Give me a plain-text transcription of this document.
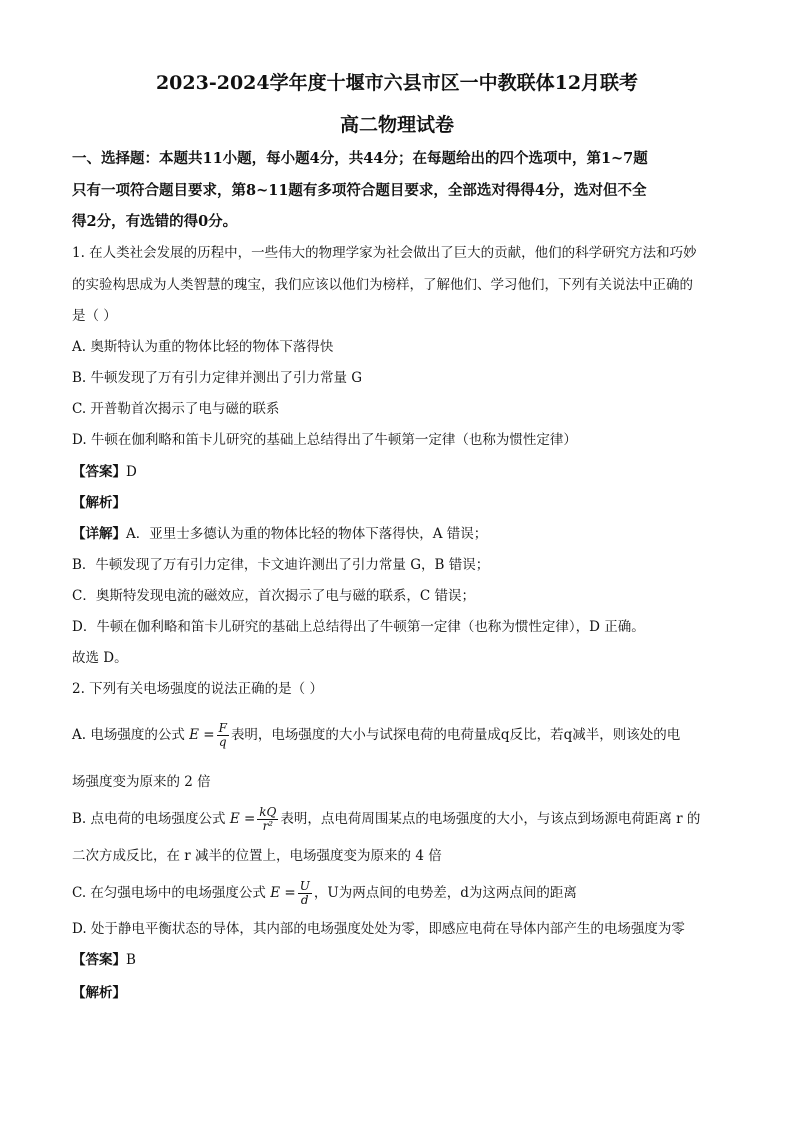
2023-2024学年度十堰市六县市区一中教联体12月联考
高二物理试卷
一、选择题：本题共11小题，每小题4分，共44分；在每题给出的四个选项中，第1~7题
只有一项符合题目要求，第8~11题有多项符合题目要求，全部选对得得4分，选对但不全
得2分，有选错的得0分。
1. 在人类社会发展的历程中，一些伟大的物理学家为社会做出了巨大的贡献，他们的科学研究方法和巧妙
的实验构思成为人类智慧的瑰宝，我们应该以他们为榜样，了解他们、学习他们，下列有关说法中正确的
是（ ）
A. 奥斯特认为重的物体比轻的物体下落得快
B. 牛顿发现了万有引力定律并测出了引力常量 G
C. 开普勒首次揭示了电与磁的联系
D. 牛顿在伽利略和笛卡儿研究的基础上总结得出了牛顿第一定律（也称为惯性定律）
【答案】D
【解析】
【详解】A．亚里士多德认为重的物体比轻的物体下落得快，A 错误；
B．牛顿发现了万有引力定律，卡文迪许测出了引力常量 G，B 错误；
C．奥斯特发现电流的磁效应，首次揭示了电与磁的联系，C 错误；
D．牛顿在伽利略和笛卡儿研究的基础上总结得出了牛顿第一定律（也称为惯性定律），D 正确。
故选 D。
2. 下列有关电场强度的说法正确的是（ ）
A. 电场强度的公式 $E = \frac{F}{q}$ 表明，电场强度的大小与试探电荷的电荷量成q反比，若q减半，则该处的电
场强度变为原来的 2 倍
B. 点电荷的电场强度公式 $E = \frac{kQ}{\text{r²}}$ 表明，点电荷周围某点的电场强度的大小，与该点到场源电荷距离 r 的
二次方成反比，在 r 减半的位置上，电场强度变为原来的 4 倍
C. 在匀强电场中的电场强度公式 $E = \frac{U}{d}$ ，U为两点间的电势差，d为这两点间的距离
D. 处于静电平衡状态的导体，其内部的电场强度处处为零，即感应电荷在导体内部产生的电场强度为零
【答案】B
【解析】
